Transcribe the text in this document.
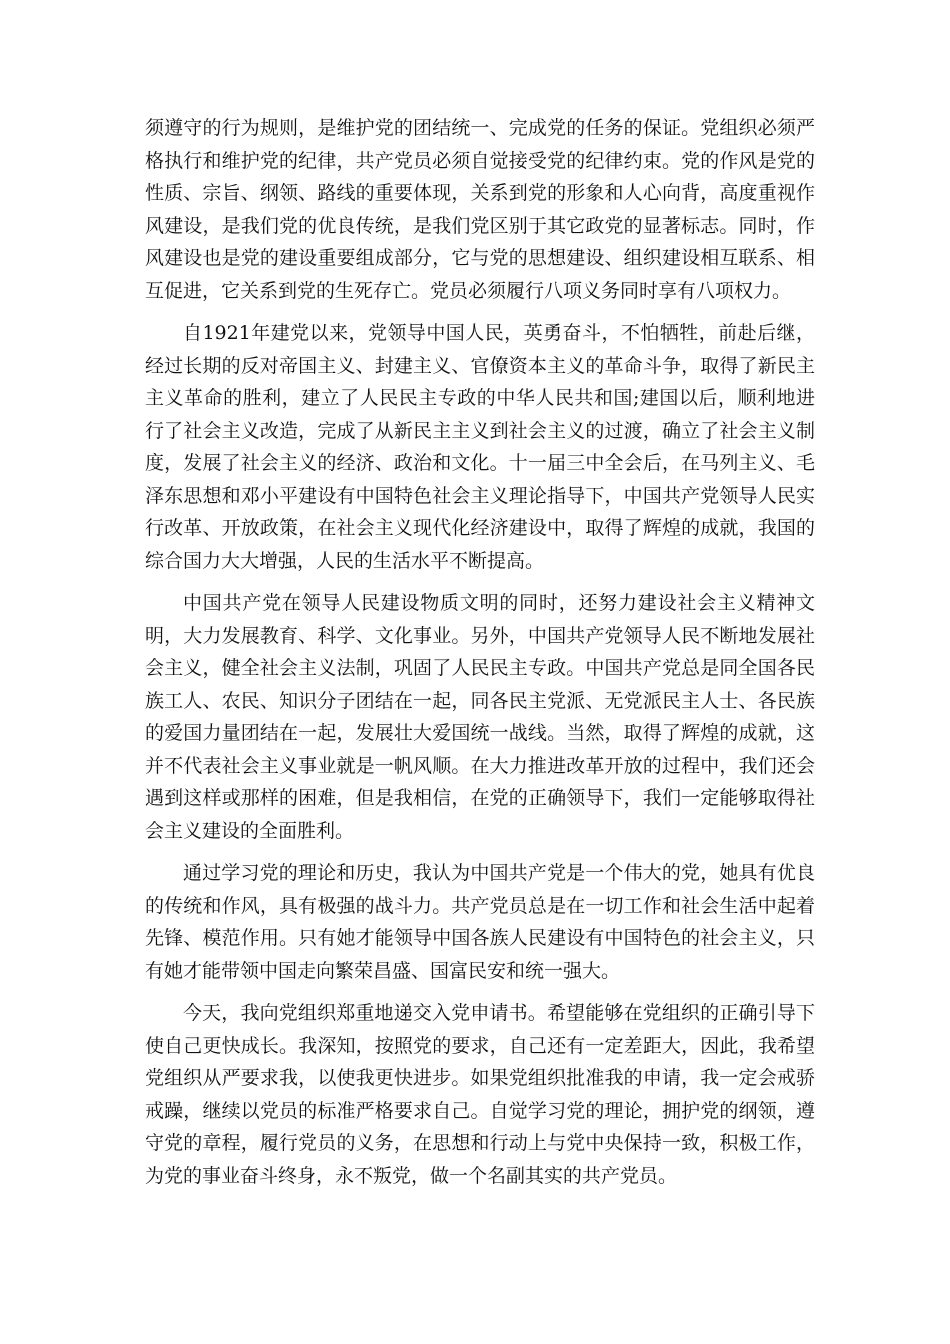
须遵守的行为规则，是维护党的团结统一、完成党的任务的保证。党组织必须严格执行和维护党的纪律，共产党员必须自觉接受党的纪律约束。党的作风是党的性质、宗旨、纲领、路线的重要体现，关系到党的形象和人心向背，高度重视作风建设，是我们党的优良传统，是我们党区别于其它政党的显著标志。同时，作风建设也是党的建设重要组成部分，它与党的思想建设、组织建设相互联系、相互促进，它关系到党的生死存亡。党员必须履行八项义务同时享有八项权力。

自1921年建党以来，党领导中国人民，英勇奋斗，不怕牺牲，前赴后继，经过长期的反对帝国主义、封建主义、官僚资本主义的革命斗争，取得了新民主主义革命的胜利，建立了人民民主专政的中华人民共和国;建国以后，顺利地进行了社会主义改造，完成了从新民主主义到社会主义的过渡，确立了社会主义制度，发展了社会主义的经济、政治和文化。十一届三中全会后，在马列主义、毛泽东思想和邓小平建设有中国特色社会主义理论指导下，中国共产党领导人民实行改革、开放政策，在社会主义现代化经济建设中，取得了辉煌的成就，我国的综合国力大大增强，人民的生活水平不断提高。

中国共产党在领导人民建设物质文明的同时，还努力建设社会主义精神文明，大力发展教育、科学、文化事业。另外，中国共产党领导人民不断地发展社会主义，健全社会主义法制，巩固了人民民主专政。中国共产党总是同全国各民族工人、农民、知识分子团结在一起，同各民主党派、无党派民主人士、各民族的爱国力量团结在一起，发展壮大爱国统一战线。当然，取得了辉煌的成就，这并不代表社会主义事业就是一帆风顺。在大力推进改革开放的过程中，我们还会遇到这样或那样的困难，但是我相信，在党的正确领导下，我们一定能够取得社会主义建设的全面胜利。

通过学习党的理论和历史，我认为中国共产党是一个伟大的党，她具有优良的传统和作风，具有极强的战斗力。共产党员总是在一切工作和社会生活中起着先锋、模范作用。只有她才能领导中国各族人民建设有中国特色的社会主义，只有她才能带领中国走向繁荣昌盛、国富民安和统一强大。

今天，我向党组织郑重地递交入党申请书。希望能够在党组织的正确引导下使自己更快成长。我深知，按照党的要求，自己还有一定差距大，因此，我希望党组织从严要求我，以使我更快进步。如果党组织批准我的申请，我一定会戒骄戒躁，继续以党员的标准严格要求自己。自觉学习党的理论，拥护党的纲领，遵守党的章程，履行党员的义务，在思想和行动上与党中央保持一致，积极工作，为党的事业奋斗终身，永不叛党，做一个名副其实的共产党员。
